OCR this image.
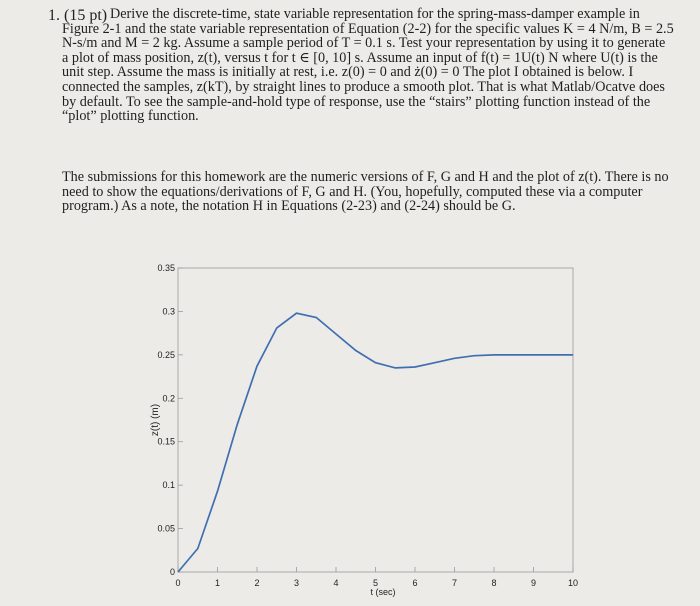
1. (15 pt) Derive the discrete-time, state variable representation for the spring-mass-damper example in Figure 2-1 and the state variable representation of Equation (2-2) for the specific values K = 4 N/m, B = 2.5 N-s/m and M = 2 kg. Assume a sample period of T = 0.1 s. Test your representation by using it to generate a plot of mass position, z(t), versus t for t ∈ [0, 10] s. Assume an input of f(t) = 1U(t) N where U(t) is the unit step. Assume the mass is initially at rest, i.e. z(0) = 0 and ż(0) = 0 The plot I obtained is below. I connected the samples, z(kT), by straight lines to produce a smooth plot. That is what Matlab/Ocatve does by default. To see the sample-and-hold type of response, use the “stairs” plotting function instead of the “plot” plotting function.

The submissions for this homework are the numeric versions of F, G and H and the plot of z(t). There is no need to show the equations/derivations of F, G and H. (You, hopefully, computed these via a computer program.) As a note, the notation H in Equations (2-23) and (2-24) should be G.

0
0.05
0.1
0.15
0.2
0.25
0.3
0.35
0	1	2	3	4	5	6	7	8	9	10
z(t) (m)
t (sec)
